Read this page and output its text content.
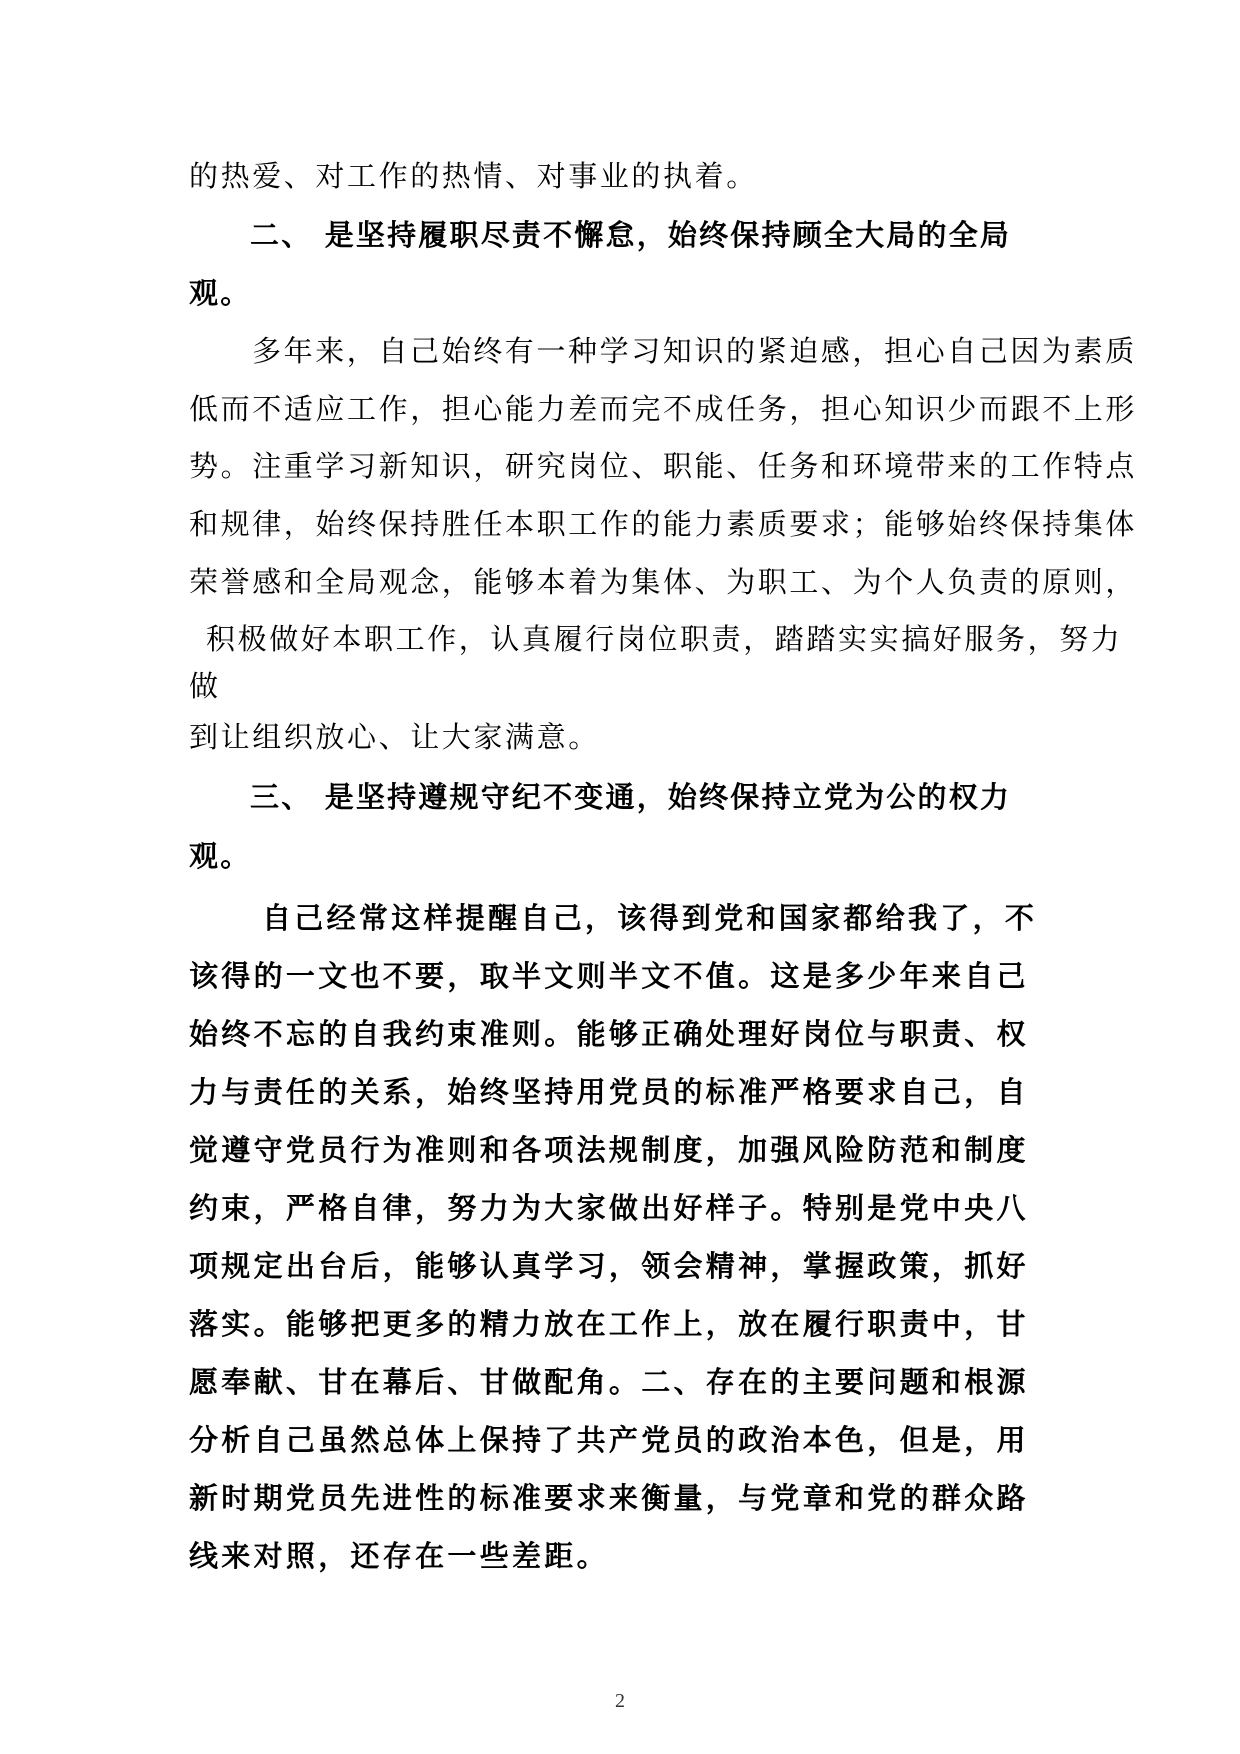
的热爱、对工作的热情、对事业的执着。
二、 是坚持履职尽责不懈怠，始终保持顾全大局的全局
观。
多年来，自己始终有一种学习知识的紧迫感，担心自己因为素质
低而不适应工作，担心能力差而完不成任务，担心知识少而跟不上形
势。注重学习新知识，研究岗位、职能、任务和环境带来的工作特点
和规律，始终保持胜任本职工作的能力素质要求；能够始终保持集体
荣誉感和全局观念，能够本着为集体、为职工、为个人负责的原则，
积极做好本职工作，认真履行岗位职责，踏踏实实搞好服务，努力
做
到让组织放心、让大家满意。
三、 是坚持遵规守纪不变通，始终保持立党为公的权力
观。
自己经常这样提醒自己，该得到党和国家都给我了，不
该得的一文也不要，取半文则半文不值。这是多少年来自己
始终不忘的自我约束准则。能够正确处理好岗位与职责、权
力与责任的关系，始终坚持用党员的标准严格要求自己，自
觉遵守党员行为准则和各项法规制度，加强风险防范和制度
约束，严格自律，努力为大家做出好样子。特别是党中央八
项规定出台后，能够认真学习，领会精神，掌握政策，抓好
落实。能够把更多的精力放在工作上，放在履行职责中，甘
愿奉献、甘在幕后、甘做配角。二、存在的主要问题和根源
分析自己虽然总体上保持了共产党员的政治本色，但是，用
新时期党员先进性的标准要求来衡量，与党章和党的群众路
线来对照，还存在一些差距。
2
